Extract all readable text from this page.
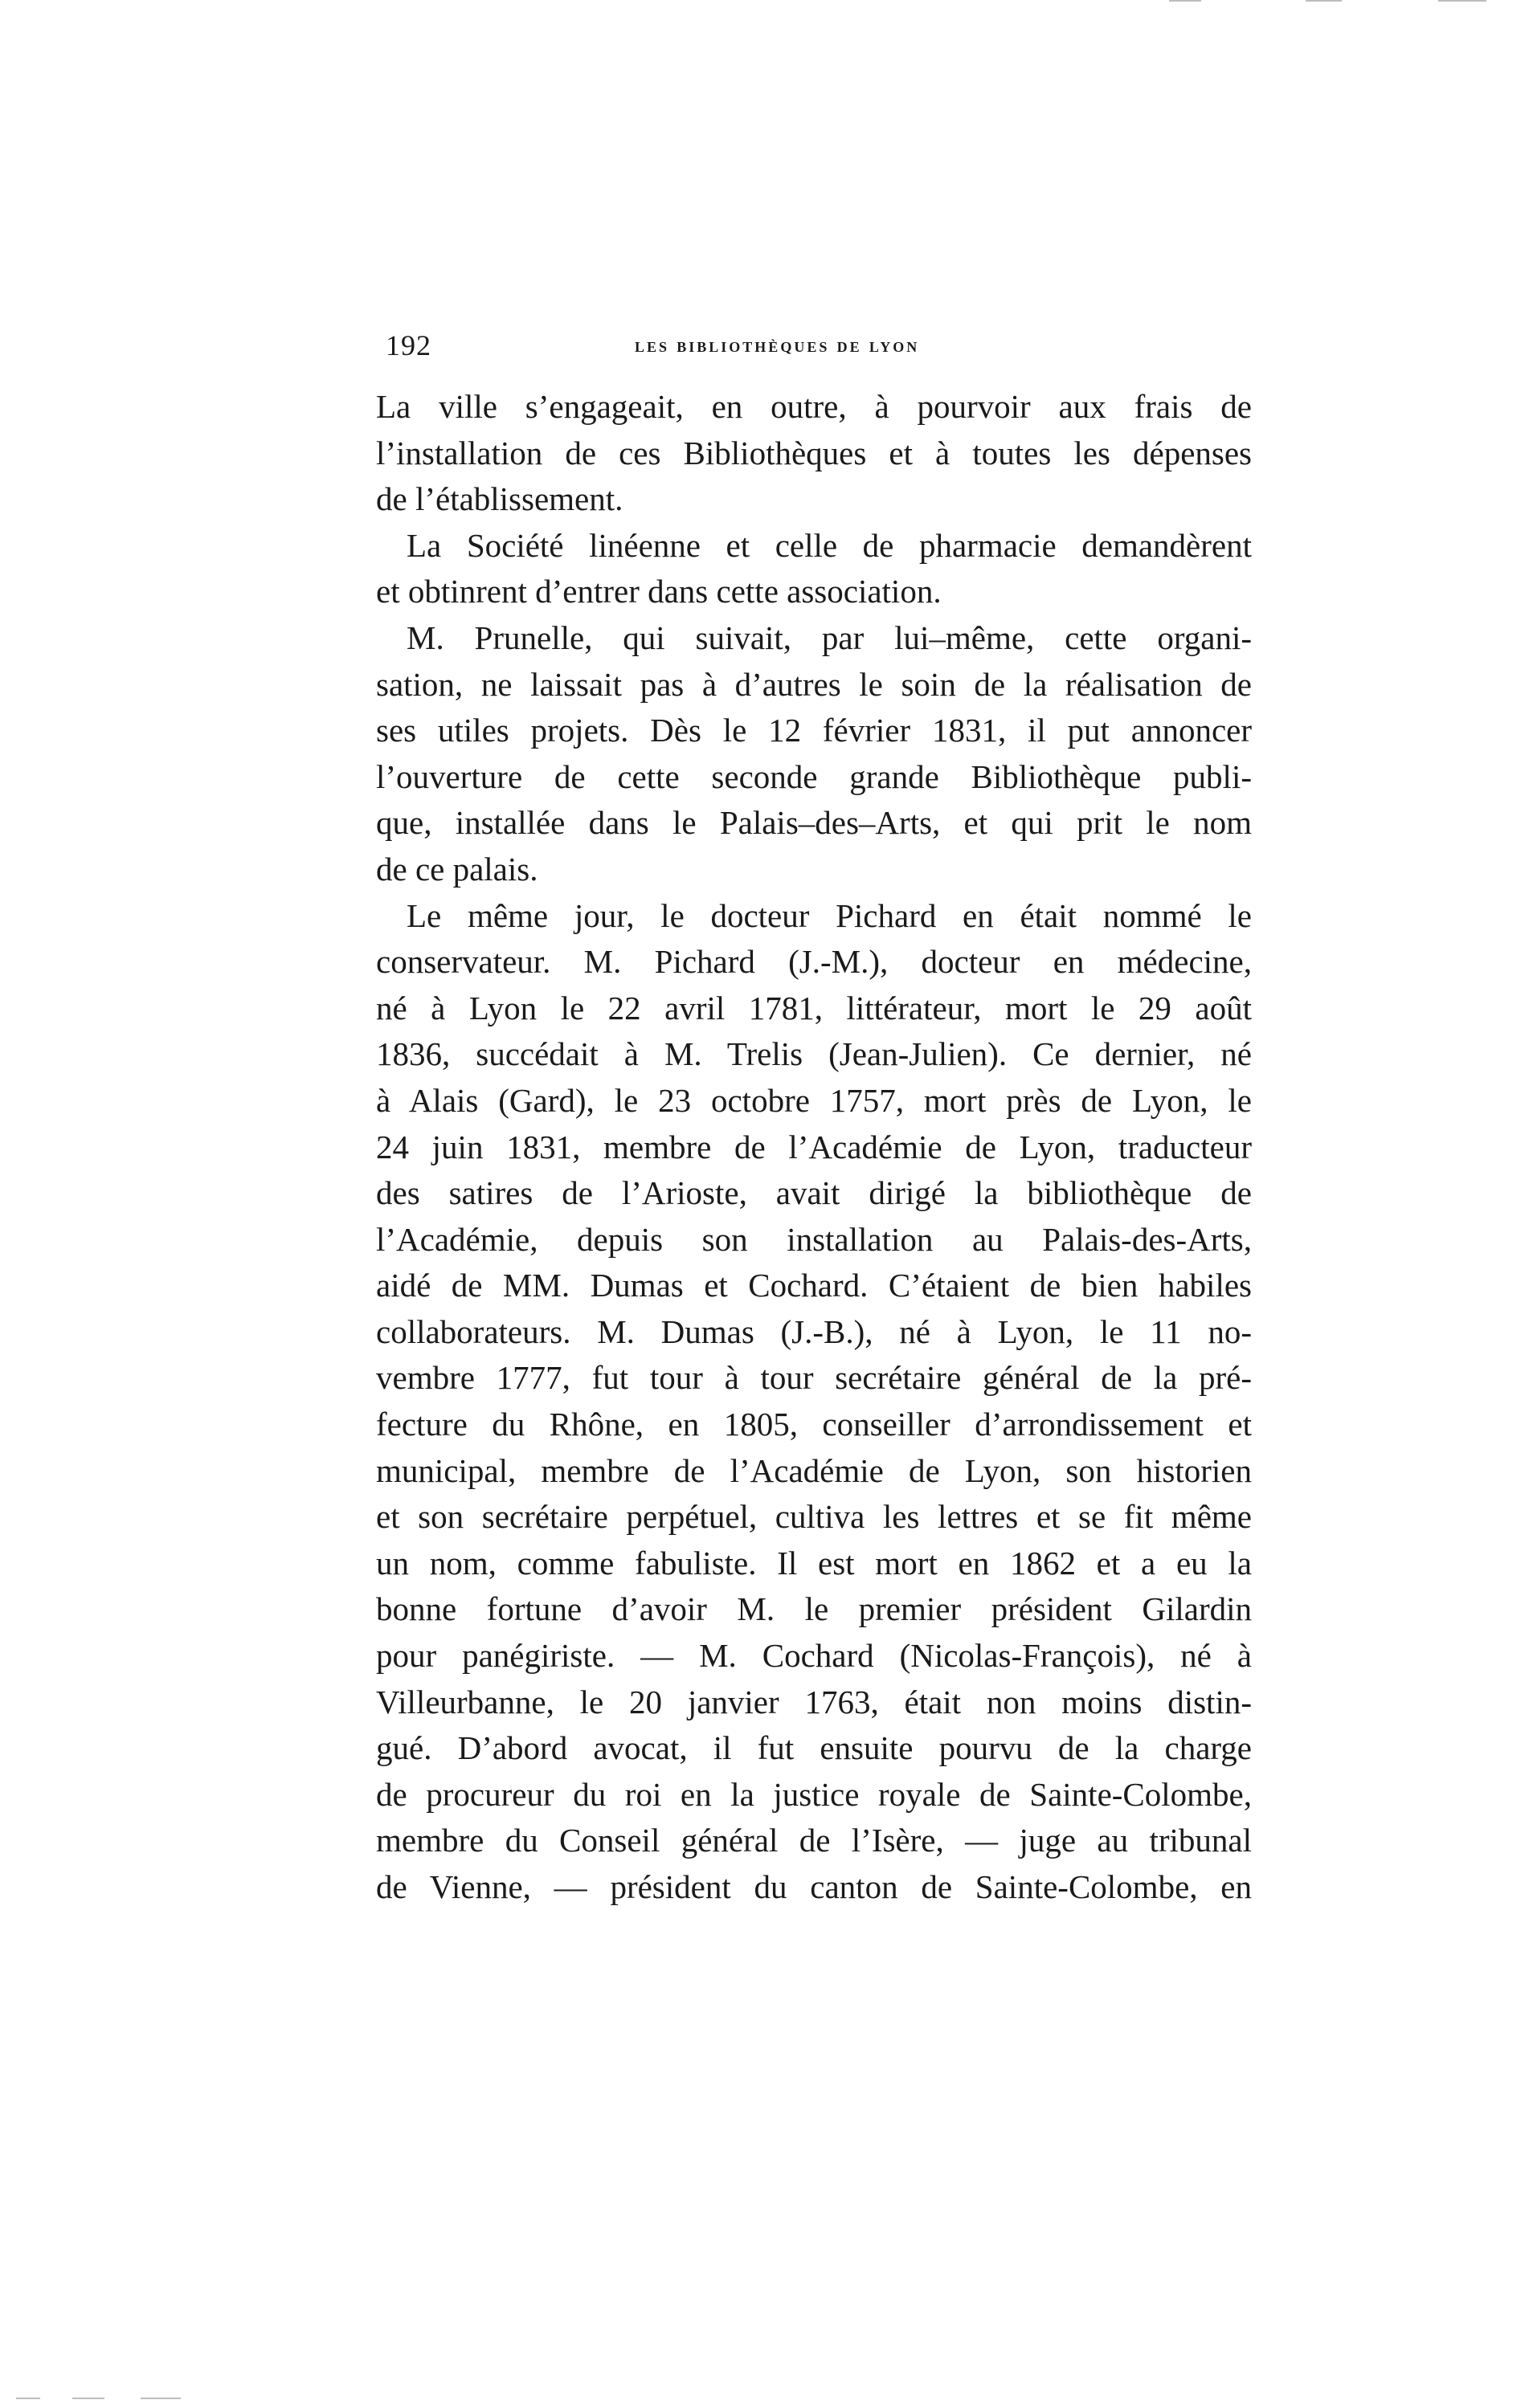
192	les bibliothèques de lyon
La ville s’engageait, en outre, à pourvoir aux frais de
l’installation de ces Bibliothèques et à toutes les dépenses
de l’établissement.
La Société linéenne et celle de pharmacie demandèrent
et obtinrent d’entrer dans cette association.
M. Prunelle, qui suivait, par lui–même, cette organi-
sation, ne laissait pas à d’autres le soin de la réalisation de
ses utiles projets. Dès le 12 février 1831, il put annoncer
l’ouverture de cette seconde grande Bibliothèque publi-
que, installée dans le Palais–des–Arts, et qui prit le nom
de ce palais.
Le même jour, le docteur Pichard en était nommé le
conservateur. M. Pichard (J.-M.), docteur en médecine,
né à Lyon le 22 avril 1781, littérateur, mort le 29 août
1836, succédait à M. Trelis (Jean-Julien). Ce dernier, né
à Alais (Gard), le 23 octobre 1757, mort près de Lyon, le
24 juin 1831, membre de l’Académie de Lyon, traducteur
des satires de l’Arioste, avait dirigé la bibliothèque de
l’Académie, depuis son installation au Palais-des-Arts,
aidé de MM. Dumas et Cochard. C’étaient de bien habiles
collaborateurs. M. Dumas (J.-B.), né à Lyon, le 11 no-
vembre 1777, fut tour à tour secrétaire général de la pré-
fecture du Rhône, en 1805, conseiller d’arrondissement et
municipal, membre de l’Académie de Lyon, son historien
et son secrétaire perpétuel, cultiva les lettres et se fit même
un nom, comme fabuliste. Il est mort en 1862 et a eu la
bonne fortune d’avoir M. le premier président Gilardin
pour panégiriste. — M. Cochard (Nicolas-François), né à
Villeurbanne, le 20 janvier 1763, était non moins distin-
gué. D’abord avocat, il fut ensuite pourvu de la charge
de procureur du roi en la justice royale de Sainte-Colombe,
membre du Conseil général de l’Isère, — juge au tribunal
de Vienne, — président du canton de Sainte-Colombe, en
